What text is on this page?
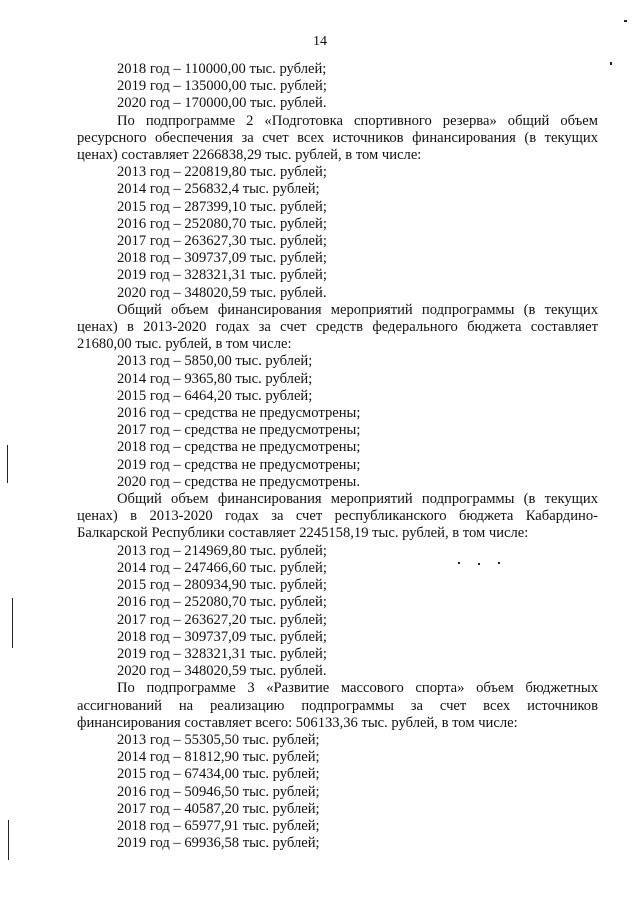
14
2018 год – 110000,00 тыс. рублей;
2019 год – 135000,00 тыс. рублей;
2020 год – 170000,00 тыс. рублей.

По подпрограмме 2 «Подготовка спортивного резерва» общий объем ресурсного обеспечения за счет всех источников финансирования (в текущих ценах) составляет 2266838,29 тыс. рублей, в том числе:

2013 год – 220819,80 тыс. рублей;
2014 год – 256832,4 тыс. рублей;
2015 год – 287399,10 тыс. рублей;
2016 год – 252080,70 тыс. рублей;
2017 год – 263627,30 тыс. рублей;
2018 год – 309737,09 тыс. рублей;
2019 год – 328321,31 тыс. рублей;
2020 год – 348020,59 тыс. рублей.

Общий объем финансирования мероприятий подпрограммы (в текущих ценах) в 2013-2020 годах за счет средств федерального бюджета составляет 21680,00 тыс. рублей, в том числе:

2013 год – 5850,00 тыс. рублей;
2014 год – 9365,80 тыс. рублей;
2015 год – 6464,20 тыс. рублей;
2016 год – средства не предусмотрены;
2017 год – средства не предусмотрены;
2018 год – средства не предусмотрены;
2019 год – средства не предусмотрены;
2020 год – средства не предусмотрены.

Общий объем финансирования мероприятий подпрограммы (в текущих ценах) в 2013-2020 годах за счет республиканского бюджета Кабардино-Балкарской Республики составляет 2245158,19 тыс. рублей, в том числе:

2013 год – 214969,80 тыс. рублей;
2014 год – 247466,60 тыс. рублей;
2015 год – 280934,90 тыс. рублей;
2016 год – 252080,70 тыс. рублей;
2017 год – 263627,20 тыс. рублей;
2018 год – 309737,09 тыс. рублей;
2019 год – 328321,31 тыс. рублей;
2020 год – 348020,59 тыс. рублей.

По подпрограмме 3 «Развитие массового спорта» объем бюджетных ассигнований на реализацию подпрограммы за счет всех источников финансирования составляет всего: 506133,36 тыс. рублей, в том числе:

2013 год – 55305,50 тыс. рублей;
2014 год – 81812,90 тыс. рублей;
2015 год – 67434,00 тыс. рублей;
2016 год – 50946,50 тыс. рублей;
2017 год – 40587,20 тыс. рублей;
2018 год – 65977,91 тыс. рублей;
2019 год – 69936,58 тыс. рублей;
